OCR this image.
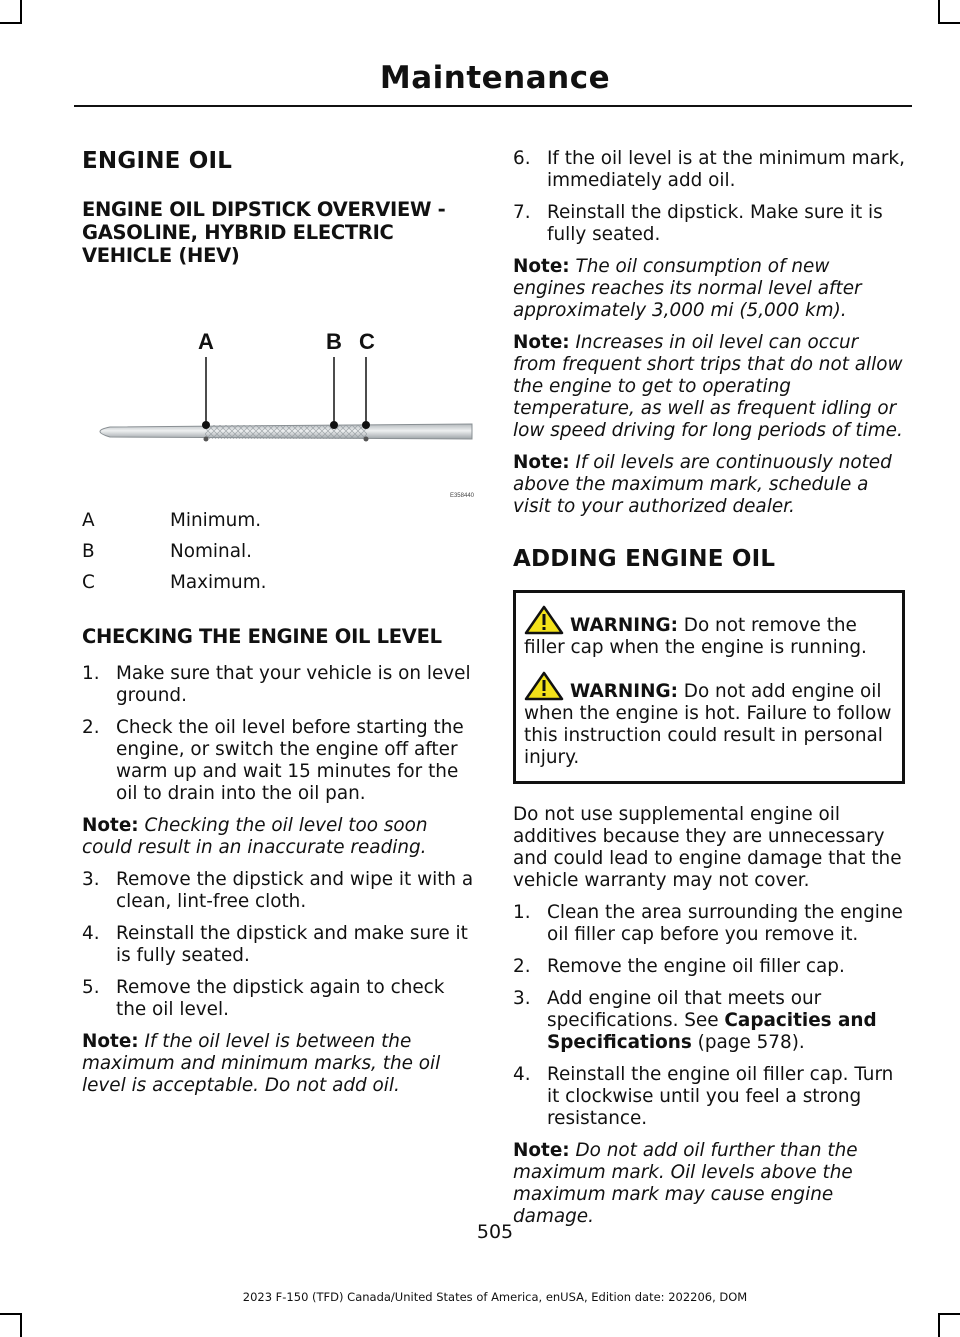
Maintenance
ENGINE OIL
ENGINE OIL DIPSTICK OVERVIEW - GASOLINE, HYBRID ELECTRIC VEHICLE (HEV)
A	B C
E358440
A	Minimum.
B	Nominal.
C	Maximum.
CHECKING THE ENGINE OIL LEVEL
1. Make sure that your vehicle is on level ground.
2. Check the oil level before starting the engine, or switch the engine off after warm up and wait 15 minutes for the oil to drain into the oil pan.

Note: Checking the oil level too soon could result in an inaccurate reading.

3. Remove the dipstick and wipe it with a clean, lint-free cloth.
4. Reinstall the dipstick and make sure it is fully seated.
5. Remove the dipstick again to check the oil level.

Note: If the oil level is between the maximum and minimum marks, the oil level is acceptable. Do not add oil.

6. If the oil level is at the minimum mark, immediately add oil.
7. Reinstall the dipstick. Make sure it is fully seated.

Note: The oil consumption of new engines reaches its normal level after approximately 3,000 mi (5,000 km).

Note: Increases in oil level can occur from frequent short trips that do not allow the engine to get to operating temperature, as well as frequent idling or low speed driving for long periods of time.

Note: If oil levels are continuously noted above the maximum mark, schedule a visit to your authorized dealer.

ADDING ENGINE OIL

WARNING: Do not remove the filler cap when the engine is running.

WARNING: Do not add engine oil when the engine is hot. Failure to follow this instruction could result in personal injury.

Do not use supplemental engine oil additives because they are unnecessary and could lead to engine damage that the vehicle warranty may not cover.

1. Clean the area surrounding the engine oil filler cap before you remove it.
2. Remove the engine oil filler cap.
3. Add engine oil that meets our specifications. See Capacities and Specifications (page 578).
4. Reinstall the engine oil filler cap. Turn it clockwise until you feel a strong resistance.

Note: Do not add oil further than the maximum mark. Oil levels above the maximum mark may cause engine damage.

505
2023 F-150 (TFD) Canada/United States of America, enUSA, Edition date: 202206, DOM
